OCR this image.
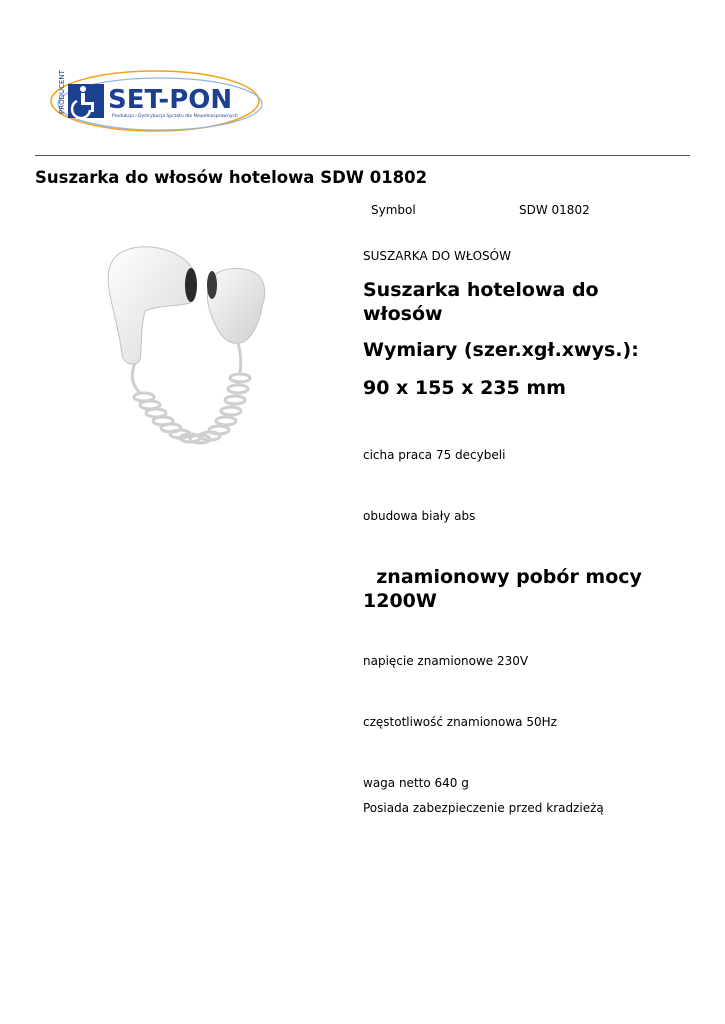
PRODUCENT SET-PON
Produkcja i Dystrybucja Sprzętu dla Niepełnosprawnych
Suszarka do włosów hotelowa SDW 01802
Symbol	SDW 01802

SUSZARKA DO WŁOSÓW

Suszarka hotelowa do włosów

Wymiary (szer.xgł.xwys.):

90 x 155 x 235 mm

cicha praca 75 decybeli

obudowa biały abs

znamionowy pobór mocy 1200W

napięcie znamionowe 230V

częstotliwość znamionowa 50Hz

waga netto 640 g

Posiada zabezpieczenie przed kradzieżą
